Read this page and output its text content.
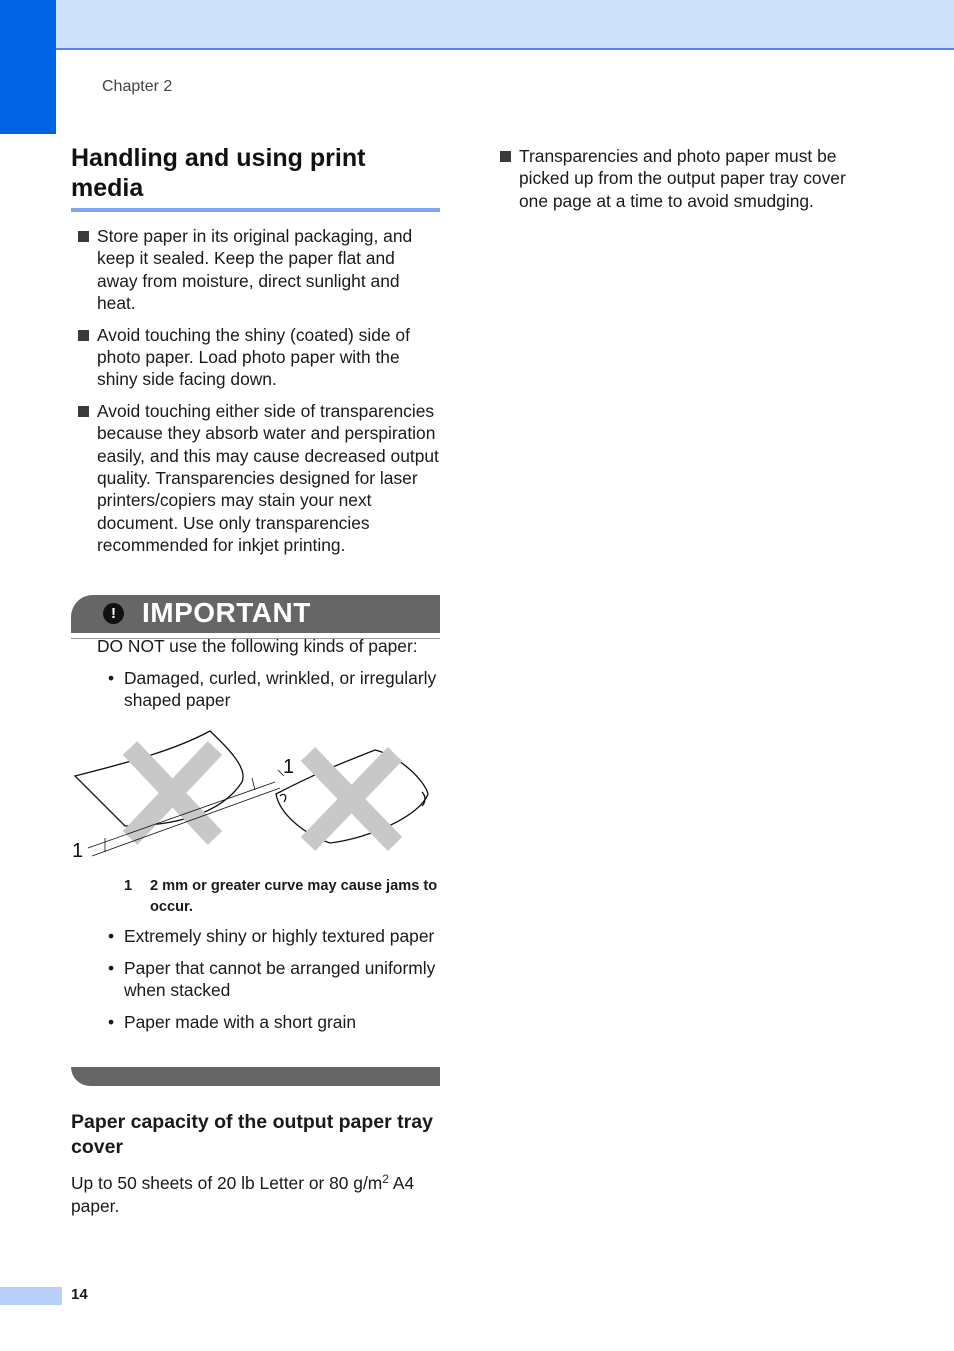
Chapter 2
Handling and using print media
Store paper in its original packaging, and keep it sealed. Keep the paper flat and away from moisture, direct sunlight and heat.
Avoid touching the shiny (coated) side of photo paper. Load photo paper with the shiny side facing down.
Avoid touching either side of transparencies because they absorb water and perspiration easily, and this may cause decreased output quality. Transparencies designed for laser printers/copiers may stain your next document. Use only transparencies recommended for inkjet printing.
! IMPORTANT
DO NOT use the following kinds of paper:
• Damaged, curled, wrinkled, or irregularly shaped paper
1
1
1	2 mm or greater curve may cause jams to occur.
• Extremely shiny or highly textured paper
• Paper that cannot be arranged uniformly when stacked
• Paper made with a short grain
Paper capacity of the output paper tray cover
Up to 50 sheets of 20 lb Letter or 80 $g/m^2$ A4 paper.
Transparencies and photo paper must be picked up from the output paper tray cover one page at a time to avoid smudging.
14
